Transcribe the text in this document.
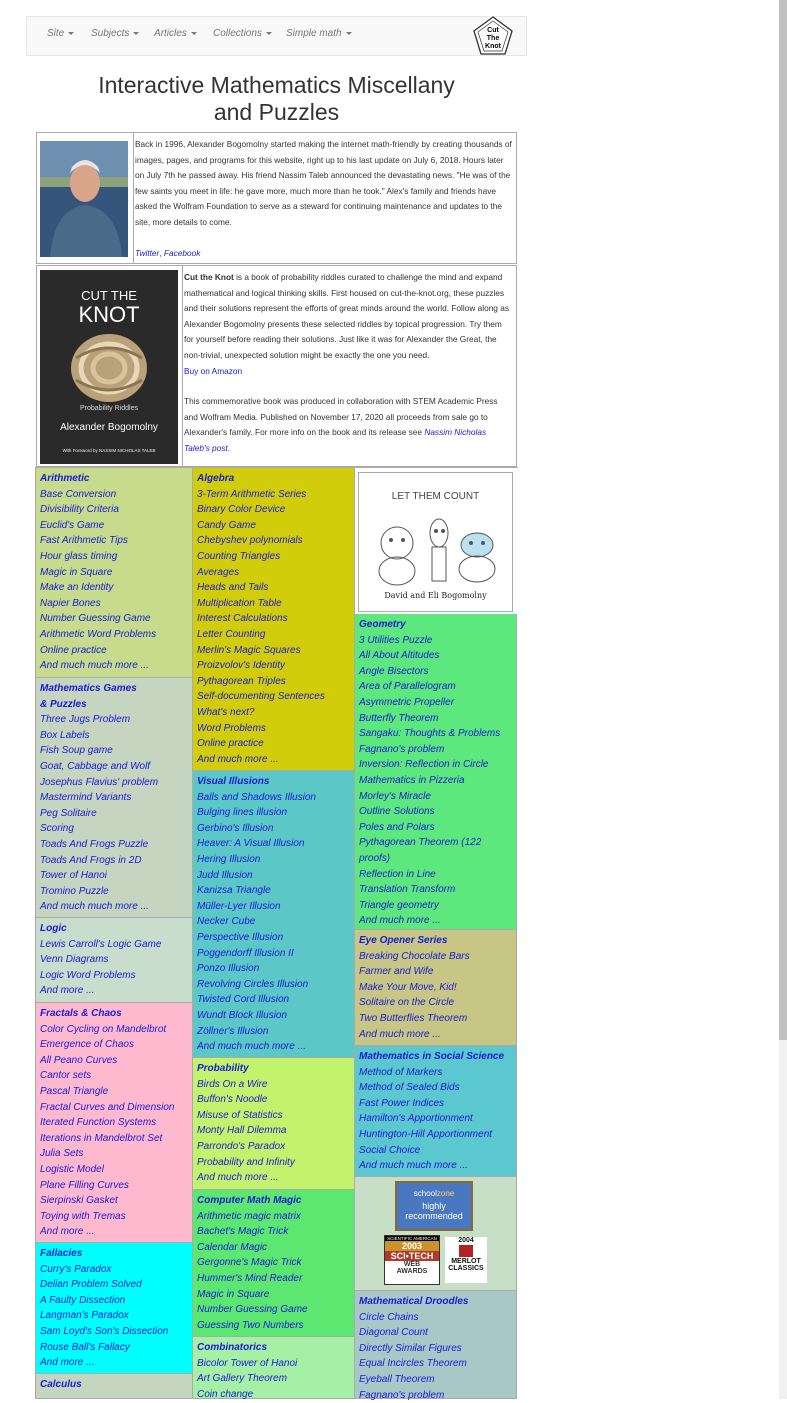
Site	Subjects	Articles	Collections	Simple math	Cut
The
Knot
Interactive Mathematics Miscellany
and Puzzles
Back in 1996, Alexander Bogomolny started making the internet math-friendly by creating thousands of images, pages, and programs for this website, right up to his last update on July 6, 2018. Hours later on July 7th he passed away. His friend Nassim Taleb announced the devastating news. "He was of the few saints you meet in life: he gave more, much more than he took." Alex's family and friends have asked the Wolfram Foundation to serve as a steward for continuing maintenance and updates to the site, more details to come.
Twitter, Facebook
CUT THE
KNOT
Probability Riddles
Alexander Bogomolny
With Foreword by NASSIM NICHOLAS TALEB
Cut the Knot is a book of probability riddles curated to challenge the mind and expand mathematical and logical thinking skills. First housed on cut-the-knot.org, these puzzles and their solutions represent the efforts of great minds around the world. Follow along as Alexander Bogomolny presents these selected riddles by topical progression. Try them for yourself before reading their solutions. Just like it was for Alexander the Great, the non-trivial, unexpected solution might be exactly the one you need.
Buy on Amazon
This commemorative book was produced in collaboration with STEM Academic Press and Wolfram Media. Published on November 17, 2020 all proceeds from sale go to Alexander's family. For more info on the book and its release see Nassim Nicholas Taleb's post.
Arithmetic
Base Conversion
Divisibility Criteria
Euclid's Game
Fast Arithmetic Tips
Hour glass timing
Magic in Square
Make an Identity
Napier Bones
Number Guessing Game
Arithmetic Word Problems
Online practice
And much much more ...
Mathematics Games & Puzzles
Three Jugs Problem
Box Labels
Fish Soup game
Goat, Cabbage and Wolf
Josephus Flavius' problem
Mastermind Variants
Peg Solitaire
Scoring
Toads And Frogs Puzzle
Toads And Frogs in 2D
Tower of Hanoi
Tromino Puzzle
And much much more ...
Logic
Lewis Carroll's Logic Game
Venn Diagrams
Logic Word Problems
And more ...
Fractals & Chaos
Color Cycling on Mandelbrot
Emergence of Chaos
All Peano Curves
Cantor sets
Pascal Triangle
Fractal Curves and Dimension
Iterated Function Systems
Iterations in Mandelbrot Set
Julia Sets
Logistic Model
Plane Filling Curves
Sierpinski Gasket
Toying with Tremas
And more ...
Fallacies
Curry's Paradox
Delian Problem Solved
A Faulty Dissection
Langman's Paradox
Sam Loyd's Son's Dissection
Rouse Ball's Fallacy
And more ...
Calculus
Algebra
3-Term Arithmetic Series
Binary Color Device
Candy Game
Chebyshev polynomials
Counting Triangles
Averages
Heads and Tails
Multiplication Table
Interest Calculations
Letter Counting
Merlin's Magic Squares
Proizvolov's Identity
Pythagorean Triples
Self-documenting Sentences
What's next?
Word Problems
Online practice
And much more ...
Visual Illusions
Balls and Shadows Illusion
Bulging lines illusion
Gerbino's Illusion
Heaver: A Visual Illusion
Hering Illusion
Judd Illusion
Kanizsa Triangle
Müller-Lyer Illusion
Necker Cube
Perspective Illusion
Poggendorff Illusion II
Ponzo Illusion
Revolving Circles Illusion
Twisted Cord Illusion
Wundt Block Illusion
Zöllner's Illusion
And much much more ...
Probability
Birds On a Wire
Buffon's Noodle
Misuse of Statistics
Monty Hall Dilemma
Parrondo's Paradox
Probability and Infinity
And much more ...
Computer Math Magic
Arithmetic magic matrix
Bachet's Magic Trick
Calendar Magic
Gergonne's Magic Trick
Hummer's Mind Reader
Magic in Square
Number Guessing Game
Guessing Two Numbers
Combinatorics
Bicolor Tower of Hanoi
Art Gallery Theorem
Coin change
Geometry
3 Utilities Puzzle
All About Altitudes
Angle Bisectors
Area of Parallelogram
Asymmetric Propeller
Butterfly Theorem
Sangaku: Thoughts & Problems
Fagnano's problem
Inversion: Reflection in Circle
Mathematics in Pizzeria
Morley's Miracle
Outline Solutions
Poles and Polars
Pythagorean Theorem (122 proofs)
Reflection in Line
Translation Transform
Triangle geometry
And much more ...
Eye Opener Series
Breaking Chocolate Bars
Farmer and Wife
Make Your Move, Kid!
Solitaire on the Circle
Two Butterflies Theorem
And much more ...
Mathematics in Social Science
Method of Markers
Method of Sealed Bids
Fast Power Indices
Hamilton's Apportionment
Huntington-Hill Apportionment
Social Choice
And much much more ...
Mathematical Droodles
Circle Chains
Diagonal Count
Directly Similar Figures
Equal Incircles Theorem
Eyeball Theorem
Fagnano's problem
LET THEM COUNT
David and Eli Bogomolny
schoolzone
highly
recommended
SCIENTIFIC AMERICAN
2003
SCI•TECH
WEB
AWARDS
2004
MERLOT
CLASSICS
